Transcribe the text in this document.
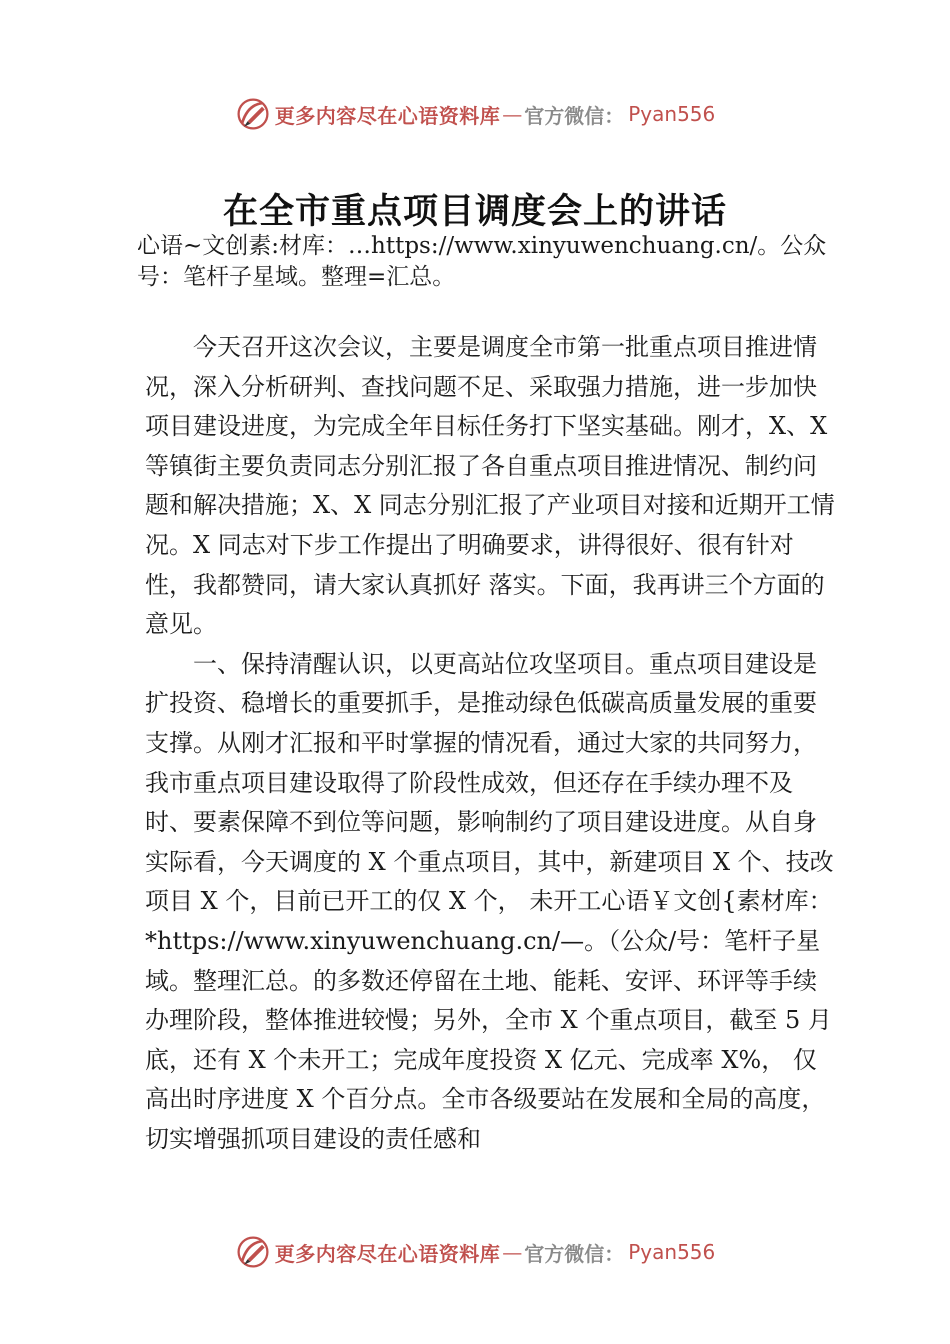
更多内容尽在心语资料库 — 官方微信： Pyan556
在全市重点项目调度会上的讲话
心语~文创素:材库：…https://www.xinyuwenchuang.cn/。公众号：笔杆子星域。整理=汇总。

今天召开这次会议，主要是调度全市第一批重点项目推进情况，深入分析研判、查找问题不足、采取强力措施，进一步加快项目建设进度，为完成全年目标任务打下坚实基础。刚才，X、X 等镇街主要负责同志分别汇报了各自重点项目推进情况、制约问题和解决措施；X、X 同志分别汇报了产业项目对接和近期开工情况。X 同志对下步工作提出了明确要求，讲得很好、很有针对性，我都赞同，请大家认真抓好 落实。下面，我再讲三个方面的意见。

一、保持清醒认识，以更高站位攻坚项目。重点项目建设是扩投资、稳增长的重要抓手，是推动绿色低碳高质量发展的重要支撑。从刚才汇报和平时掌握的情况看，通过大家的共同努力，我市重点项目建设取得了阶段性成效，但还存在手续办理不及时、要素保障不到位等问题，影响制约了项目建设进度。从自身实际看，今天调度的 X 个重点项目，其中，新建项目 X 个、技改项目 X 个，目前已开工的仅 X 个， 未开工心语￥文创{素材库：

*https://www.xinyuwenchuang.cn/—。（公众/号：笔杆子星域。整理汇总。的多数还停留在土地、能耗、安评、环评等手续办理阶段，整体推进较慢；另外，全市 X 个重点项目，截至 5 月底，还有 X 个未开工；完成年度投资 X 亿元、完成率 X%， 仅高出时序进度 X 个百分点。全市各级要站在发展和全局的高度，切实增强抓项目建设的责任感和

更多内容尽在心语资料库 — 官方微信： Pyan556
